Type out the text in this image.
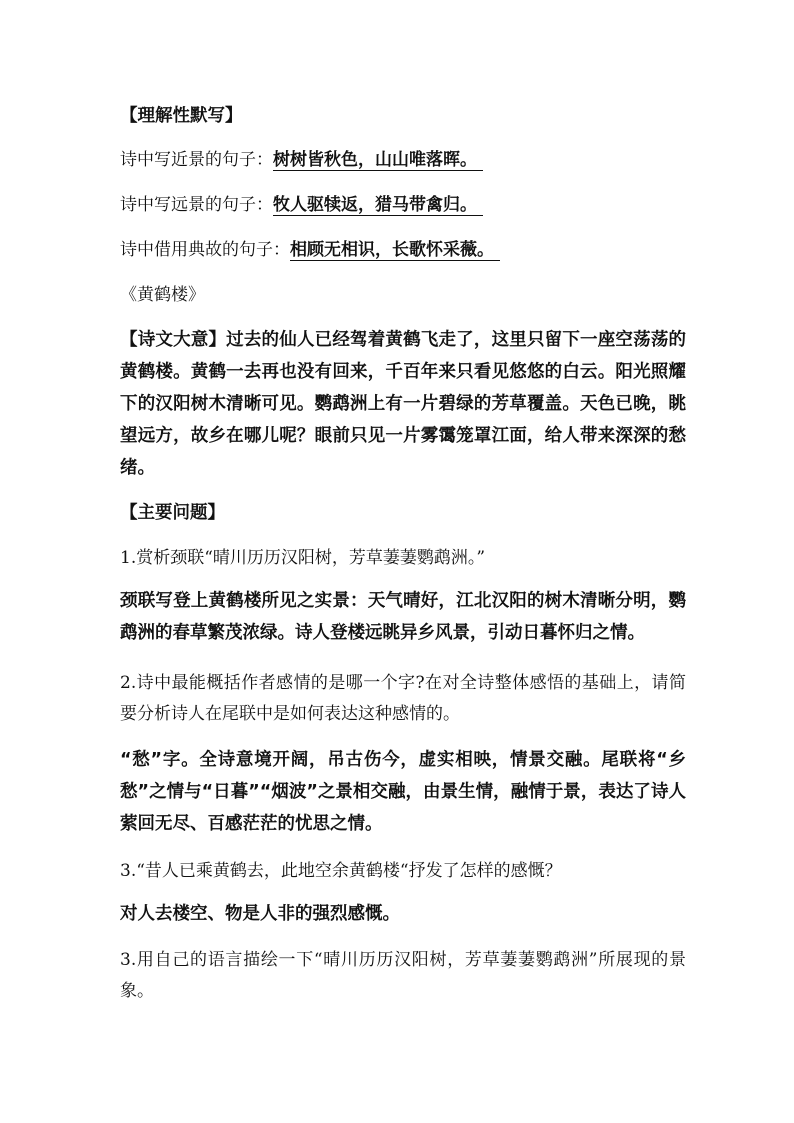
【理解性默写】
诗中写近景的句子：树树皆秋色，山山唯落晖。
诗中写远景的句子：牧人驱犊返，猎马带禽归。
诗中借用典故的句子：相顾无相识，长歌怀采薇。
《黄鹤楼》
【诗文大意】过去的仙人已经驾着黄鹤飞走了，这里只留下一座空荡荡的黄鹤楼。黄鹤一去再也没有回来，千百年来只看见悠悠的白云。阳光照耀下的汉阳树木清晰可见。鹦鹉洲上有一片碧绿的芳草覆盖。天色已晚，眺望远方，故乡在哪儿呢？眼前只见一片雾霭笼罩江面，给人带来深深的愁绪。
【主要问题】
1.赏析颈联“晴川历历汉阳树，芳草萋萋鹦鹉洲。”
颈联写登上黄鹤楼所见之实景：天气晴好，江北汉阳的树木清晰分明，鹦鹉洲的春草繁茂浓绿。诗人登楼远眺异乡风景，引动日暮怀归之情。
2.诗中最能概括作者感情的是哪一个字?在对全诗整体感悟的基础上，请简要分析诗人在尾联中是如何表达这种感情的。
“愁”字。全诗意境开阔，吊古伤今，虚实相映，情景交融。尾联将“乡愁”之情与“日暮”“烟波”之景相交融，由景生情，融情于景，表达了诗人萦回无尽、百感茫茫的忧思之情。
3.“昔人已乘黄鹤去，此地空余黄鹤楼“抒发了怎样的感慨？
对人去楼空、物是人非的强烈感慨。
3.用自己的语言描绘一下“晴川历历汉阳树，芳草萋萋鹦鹉洲”所展现的景象。
